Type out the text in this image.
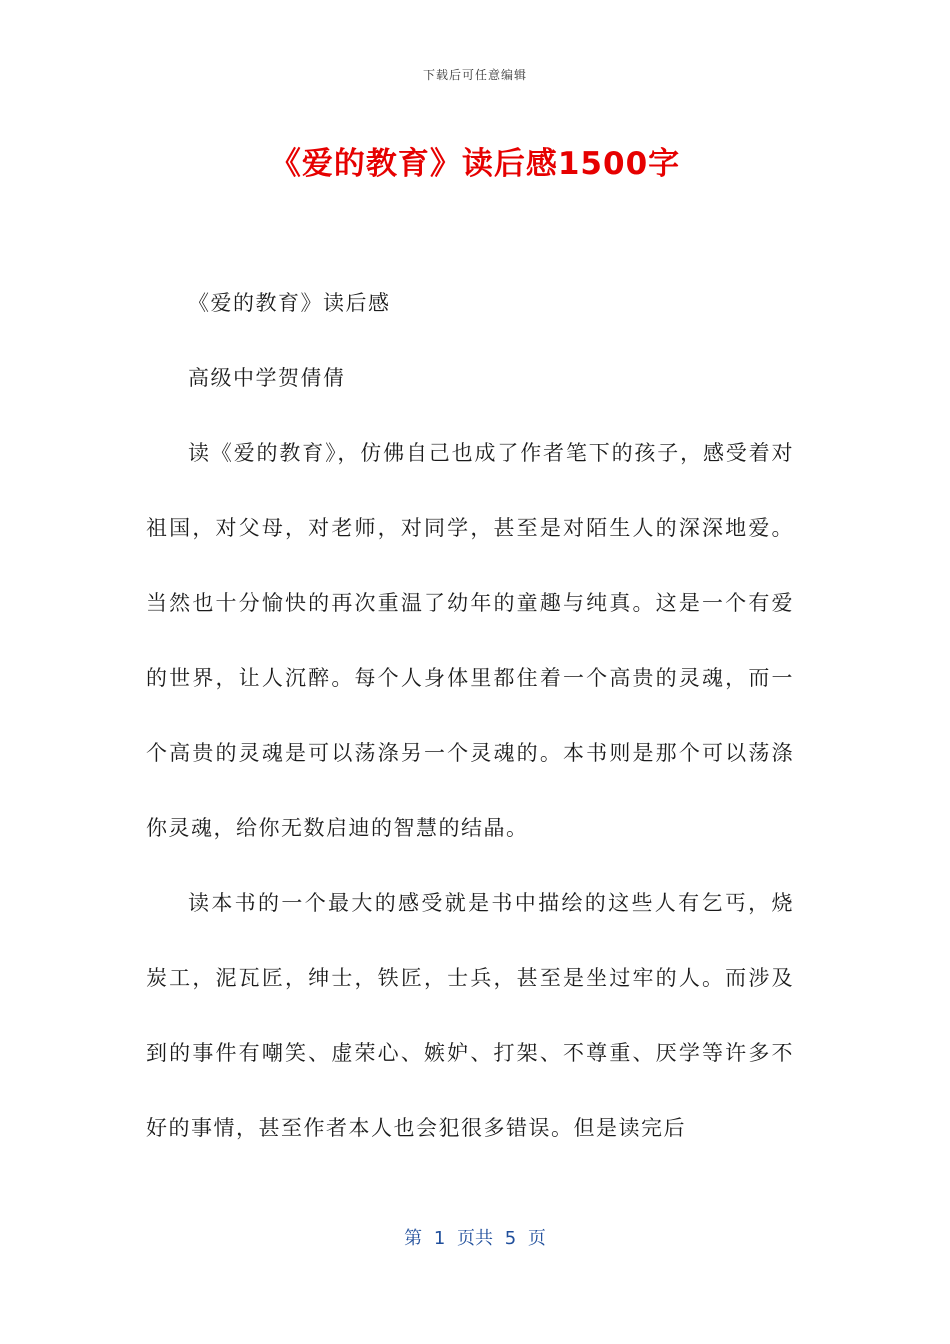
下载后可任意编辑
《爱的教育》读后感1500字

《爱的教育》读后感

高级中学贺倩倩

读《爱的教育》，仿佛自己也成了作者笔下的孩子，感受着对祖国，对父母，对老师，对同学，甚至是对陌生人的深深地爱。当然也十分愉快的再次重温了幼年的童趣与纯真。这是一个有爱的世界，让人沉醉。每个人身体里都住着一个高贵的灵魂，而一个高贵的灵魂是可以荡涤另一个灵魂的。本书则是那个可以荡涤你灵魂，给你无数启迪的智慧的结晶。

读本书的一个最大的感受就是书中描绘的这些人有乞丐，烧炭工，泥瓦匠，绅士，铁匠，士兵，甚至是坐过牢的人。而涉及到的事件有嘲笑、虚荣心、嫉妒、打架、不尊重、厌学等许多不好的事情，甚至作者本人也会犯很多错误。但是读完后

第 1 页共 5 页
